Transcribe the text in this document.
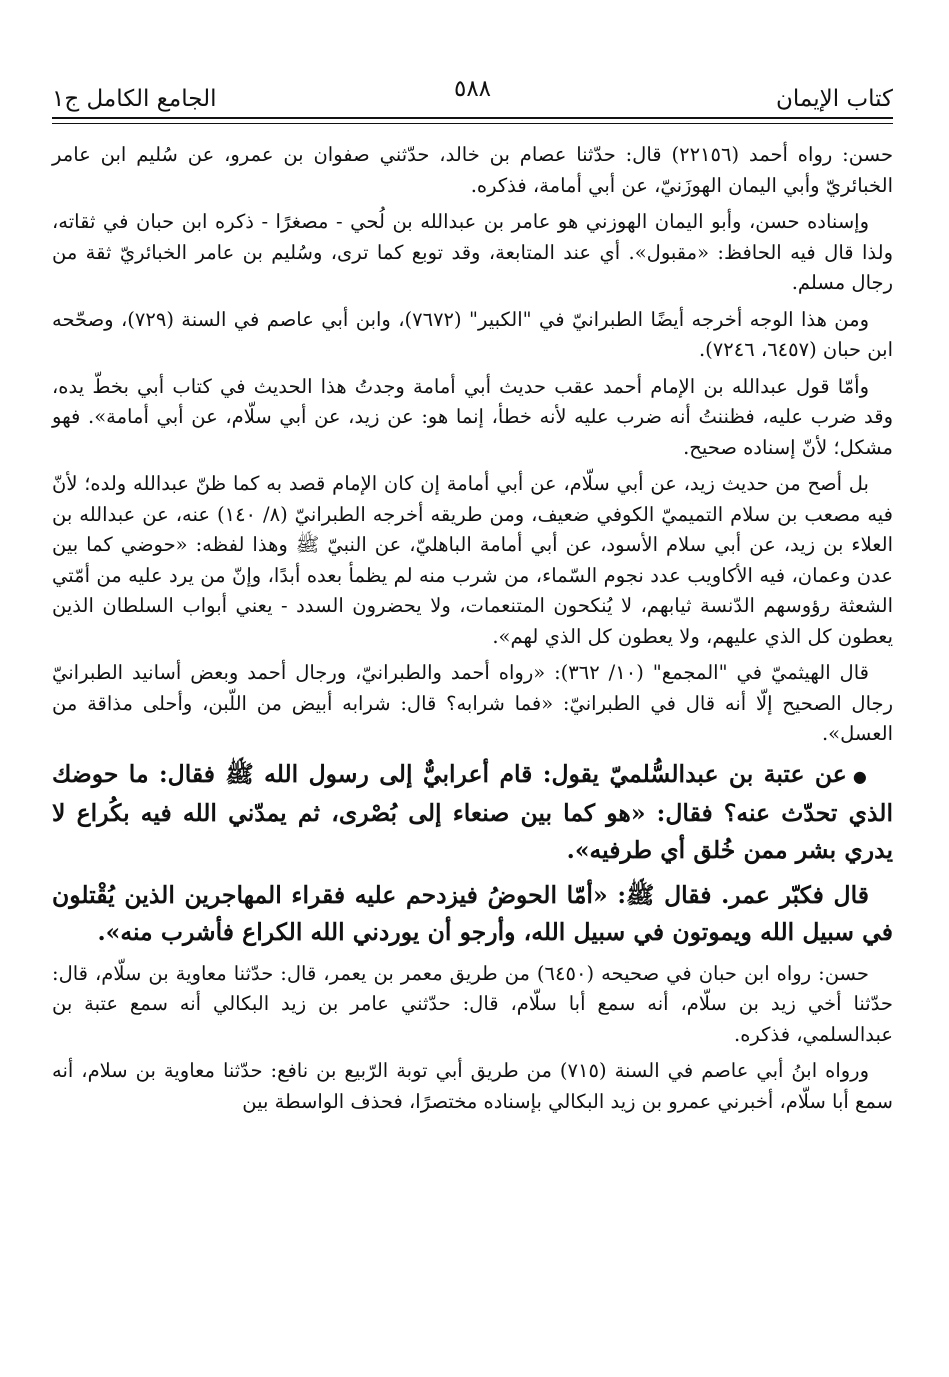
كتاب الإيمان
٥٨٨
الجامع الكامل ج١

حسن: رواه أحمد (٢٢١٥٦) قال: حدّثنا عصام بن خالد، حدّثني صفوان بن عمرو، عن سُليم ابن عامر الخبائريّ وأبي اليمان الهوزَنيّ، عن أبي أمامة، فذكره.

وإسناده حسن، وأبو اليمان الهوزني هو عامر بن عبدالله بن لُحي - مصغرًا - ذكره ابن حبان في ثقاته، ولذا قال فيه الحافظ: «مقبول». أي عند المتابعة، وقد توبع كما ترى، وسُليم بن عامر الخبائريّ ثقة من رجال مسلم.

ومن هذا الوجه أخرجه أيضًا الطبرانيّ في "الكبير" (٧٦٧٢)، وابن أبي عاصم في السنة (٧٢٩)، وصحّحه ابن حبان (٦٤٥٧، ٧٢٤٦).

وأمّا قول عبدالله بن الإمام أحمد عقب حديث أبي أمامة وجدتُ هذا الحديث في كتاب أبي بخطّ يده، وقد ضرب عليه، فظننتُ أنه ضرب عليه لأنه خطأ، إنما هو: عن زيد، عن أبي سلّام، عن أبي أمامة». فهو مشكل؛ لأنّ إسناده صحيح.

بل أصح من حديث زيد، عن أبي سلّام، عن أبي أمامة إن كان الإمام قصد به كما ظنّ عبدالله ولده؛ لأنّ فيه مصعب بن سلام التميميّ الكوفي ضعيف، ومن طريقه أخرجه الطبرانيّ (٨/ ١٤٠) عنه، عن عبدالله بن العلاء بن زيد، عن أبي سلام الأسود، عن أبي أمامة الباهليّ، عن النبيّ ﷺ وهذا لفظه: «حوضي كما بين عدن وعمان، فيه الأكاويب عدد نجوم السّماء، من شرب منه لم يظمأ بعده أبدًا، وإنّ من يرد عليه من أمّتي الشعثة رؤوسهم الدّنسة ثيابهم، لا يُنكحون المتنعمات، ولا يحضرون السدد - يعني أبواب السلطان الذين يعطون كل الذي عليهم، ولا يعطون كل الذي لهم».

قال الهيثميّ في "المجمع" (١٠/ ٣٦٢): «رواه أحمد والطبرانيّ، ورجال أحمد وبعض أسانيد الطبرانيّ رجال الصحيح إلّا أنه قال في الطبرانيّ: «فما شرابه؟ قال: شرابه أبيض من اللّبن، وأحلى مذاقة من العسل».

●عن عتبة بن عبدالسُّلميّ يقول: قام أعرابيٌّ إلى رسول الله ﷺ فقال: ما حوضك الذي تحدّث عنه؟ فقال: «هو كما بين صنعاء إلى بُصْرى، ثم يمدّني الله فيه بكُراع لا يدري بشر ممن خُلق أي طرفيه».

قال فكبّر عمر. فقال ﷺ: «أمّا الحوضُ فيزدحم عليه فقراء المهاجرين الذين يُقْتلون في سبيل الله ويموتون في سبيل الله، وأرجو أن يوردني الله الكراع فأشرب منه».

حسن: رواه ابن حبان في صحيحه (٦٤٥٠) من طريق معمر بن يعمر، قال: حدّثنا معاوية بن سلّام، قال: حدّثنا أخي زيد بن سلّام، أنه سمع أبا سلّام، قال: حدّثني عامر بن زيد البكالي أنه سمع عتبة بن عبدالسلمي، فذكره.

ورواه ابنُ أبي عاصم في السنة (٧١٥) من طريق أبي توبة الرّبيع بن نافع: حدّثنا معاوية بن سلام، أنه سمع أبا سلّام، أخبرني عمرو بن زيد البكالي بإسناده مختصرًا، فحذف الواسطة بين
